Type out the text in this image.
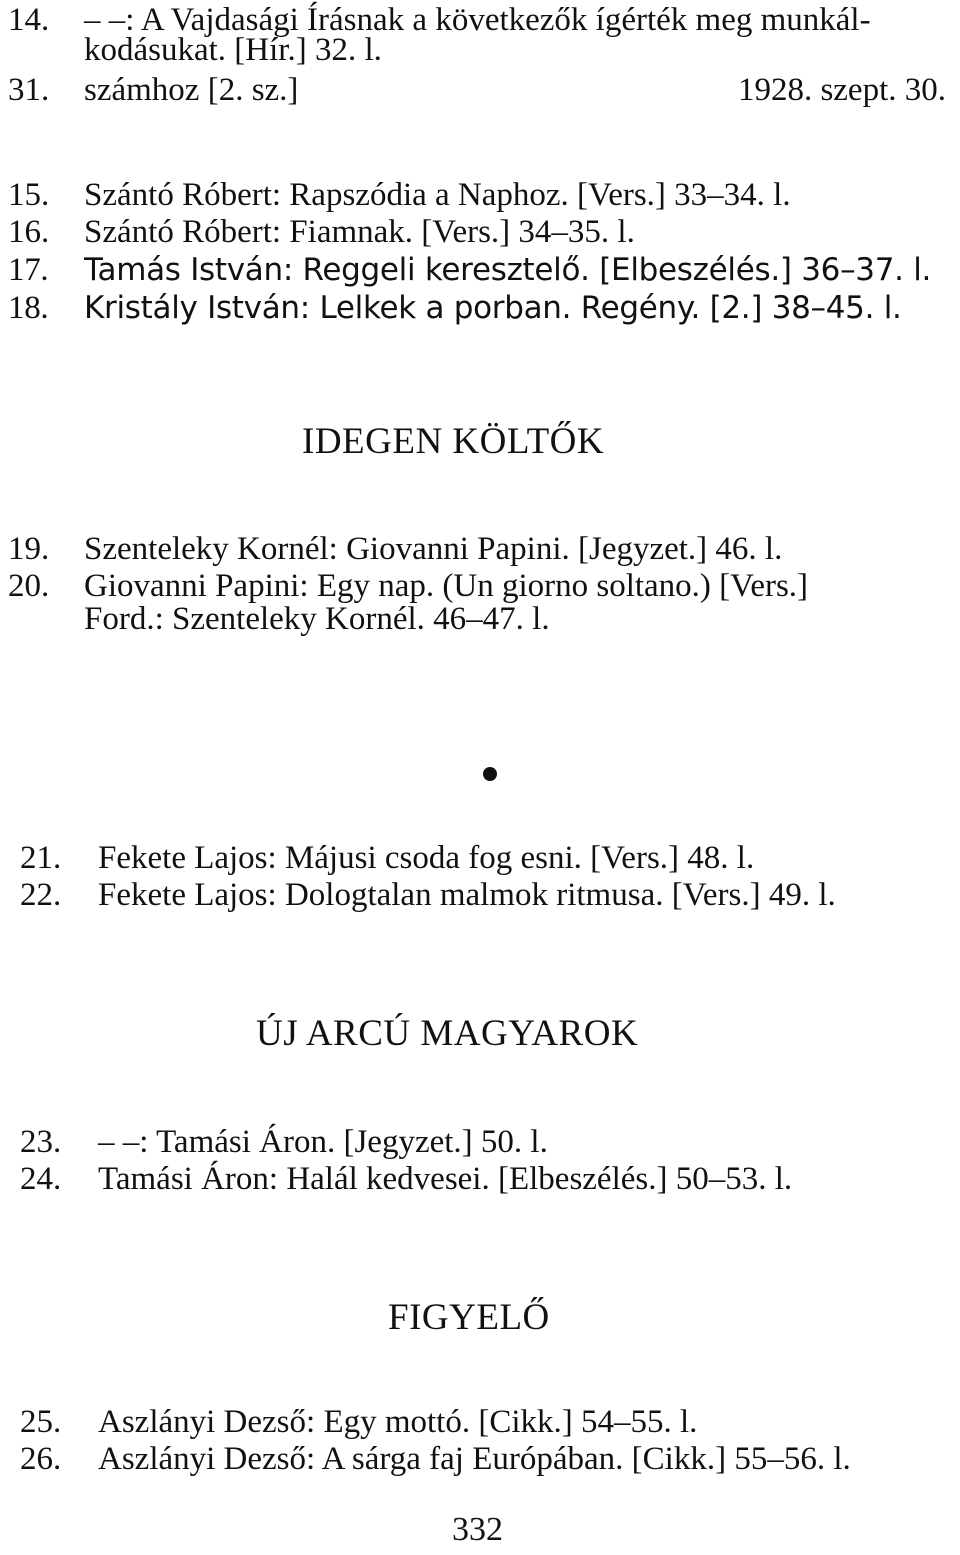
14. – –: A Vajdasági Írásnak a következők ígérték meg munkál-
kodásukat. [Hír.] 32. l.
31. számhoz [2. sz.]	1928. szept. 30.
15. Szántó Róbert: Rapszódia a Naphoz. [Vers.] 33–34. l.
16. Szántó Róbert: Fiamnak. [Vers.] 34–35. l.
17. Tamás István: Reggeli keresztelő. [Elbeszélés.] 36–37. l.
18. Kristály István: Lelkek a porban. Regény. [2.] 38–45. l.
IDEGEN KÖLTŐK
19. Szenteleky Kornél: Giovanni Papini. [Jegyzet.] 46. l.
20. Giovanni Papini: Egy nap. (Un giorno soltano.) [Vers.]
Ford.: Szenteleky Kornél. 46–47. l.
21. Fekete Lajos: Májusi csoda fog esni. [Vers.] 48. l.
22. Fekete Lajos: Dologtalan malmok ritmusa. [Vers.] 49. l.
ÚJ ARCÚ MAGYAROK
23. – –: Tamási Áron. [Jegyzet.] 50. l.
24. Tamási Áron: Halál kedvesei. [Elbeszélés.] 50–53. l.
FIGYELŐ
25. Aszlányi Dezső: Egy mottó. [Cikk.] 54–55. l.
26. Aszlányi Dezső: A sárga faj Európában. [Cikk.] 55–56. l.
332
